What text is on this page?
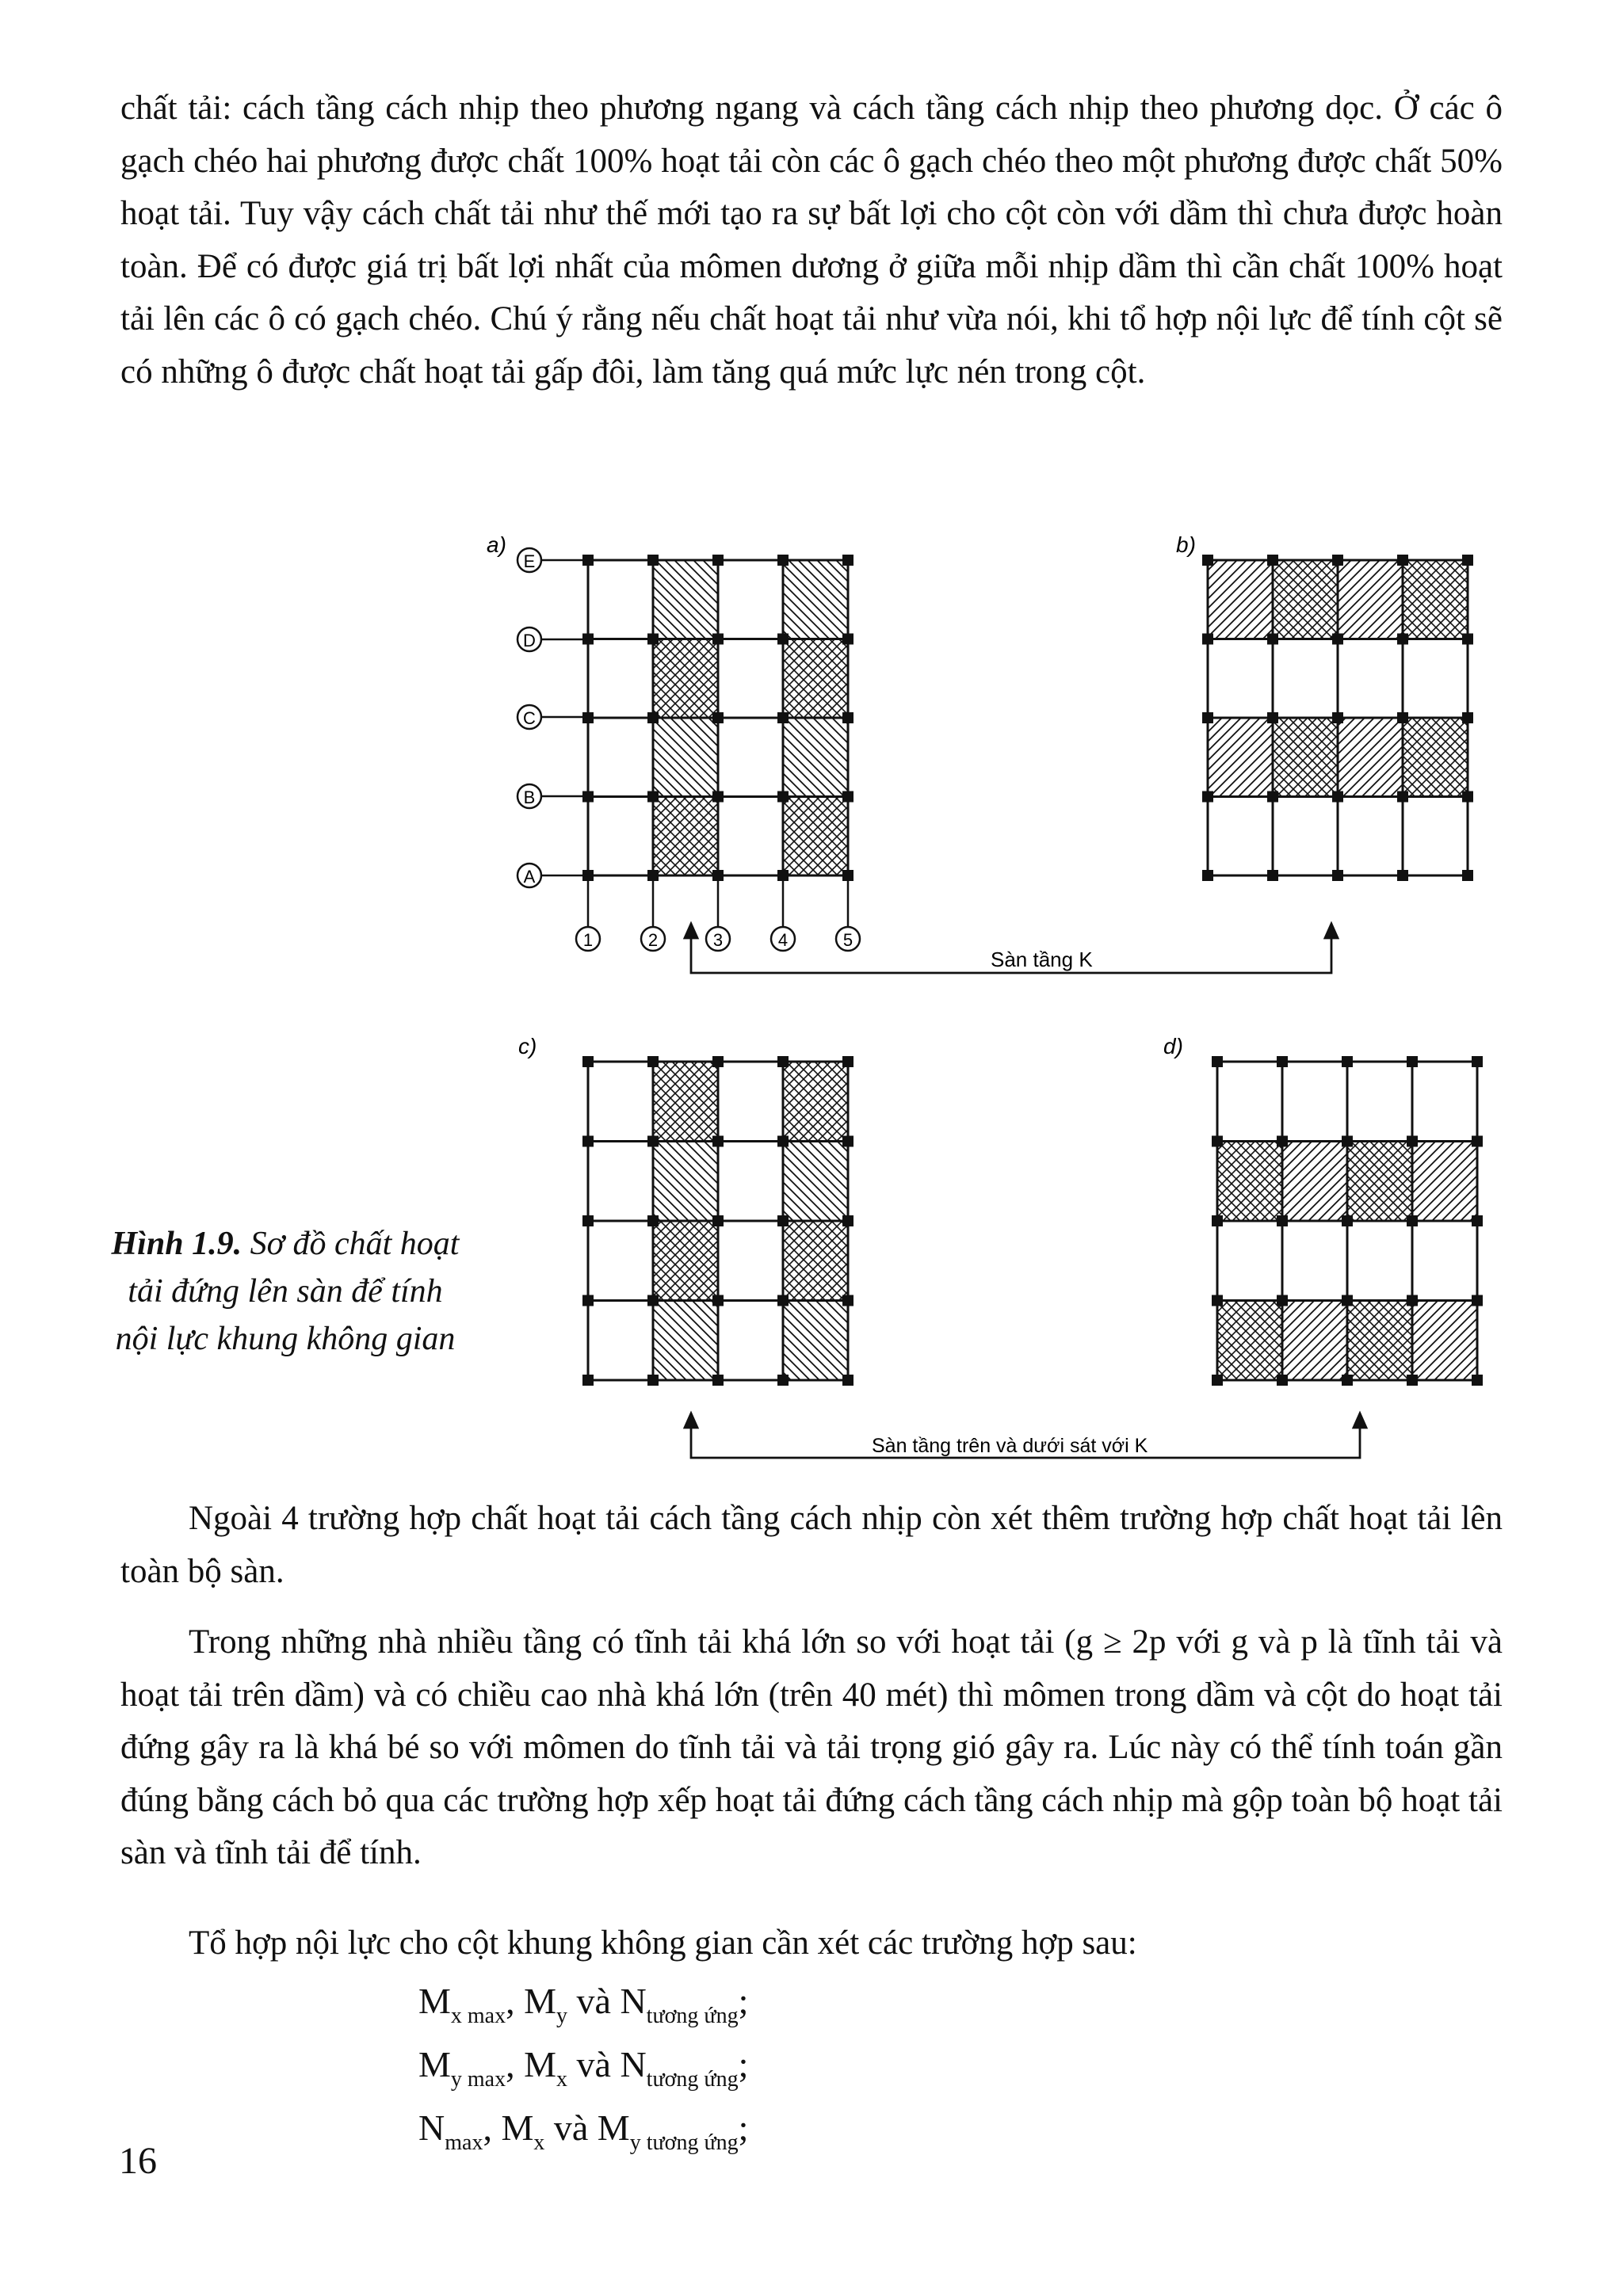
chất tải: cách tầng cách nhịp theo phương ngang và cách tầng cách nhịp theo phương dọc. Ở các ô gạch chéo hai phương được chất 100% hoạt tải còn các ô gạch chéo theo một phương được chất 50% hoạt tải. Tuy vậy cách chất tải như thế mới tạo ra sự bất lợi cho cột còn với dầm thì chưa được hoàn toàn. Để có được giá trị bất lợi nhất của mômen dương ở giữa mỗi nhịp dầm thì cần chất 100% hoạt tải lên các ô có gạch chéo. Chú ý rằng nếu chất hoạt tải như vừa nói, khi tổ hợp nội lực để tính cột sẽ có những ô được chất hoạt tải gấp đôi, làm tăng quá mức lực nén trong cột.

a)	b)
c)	d)
E
D
C
B
A
1	2	3	4	5
Sàn tầng K
Sàn tầng trên và dưới sát với K
Hình 1.9. Sơ đồ chất hoạt tải đứng lên sàn để tính nội lực khung không gian

Ngoài 4 trường hợp chất hoạt tải cách tầng cách nhịp còn xét thêm trường hợp chất hoạt tải lên toàn bộ sàn.

Trong những nhà nhiều tầng có tĩnh tải khá lớn so với hoạt tải (g ≥ 2p với g và p là tĩnh tải và hoạt tải trên dầm) và có chiều cao nhà khá lớn (trên 40 mét) thì mômen trong dầm và cột do hoạt tải đứng gây ra là khá bé so với mômen do tĩnh tải và tải trọng gió gây ra. Lúc này có thể tính toán gần đúng bằng cách bỏ qua các trường hợp xếp hoạt tải đứng cách tầng cách nhịp mà gộp toàn bộ hoạt tải sàn và tĩnh tải để tính.

Tổ hợp nội lực cho cột khung không gian cần xét các trường hợp sau:

$M_{x max}$, $M_y$ và $N_{tương ứng}$;
$M_{y max}$, $M_x$ và $N_{tương ứng}$;
$N_{max}$, $M_x$ và $M_{y tương ứng}$;
16
